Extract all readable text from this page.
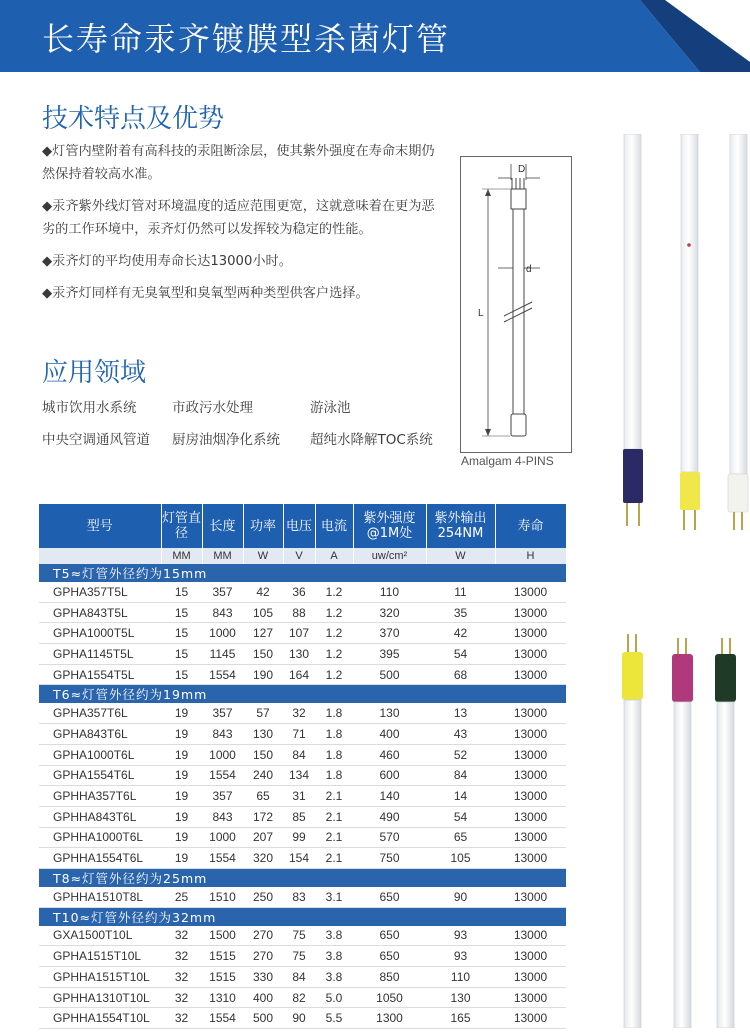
长寿命汞齐镀膜型杀菌灯管
技术特点及优势

◆灯管内壁附着有高科技的汞阻断涂层，使其紫外强度在寿命末期仍然保持着较高水准。

◆汞齐紫外线灯管对环境温度的适应范围更宽，这就意味着在更为恶劣的工作环境中，汞齐灯仍然可以发挥较为稳定的性能。

◆汞齐灯的平均使用寿命长达13000小时。

◆汞齐灯同样有无臭氧型和臭氧型两种类型供客户选择。

应用领域
城市饮用水系统	市政污水处理	游泳池
中央空调通风管道 厨房油烟净化系统 超纯水降解TOC系统
D
d
L
Amalgam 4-PINS
型号	灯管直径	长度	功率	电压	电流	紫外强度@1M处	紫外输出254NM	寿命
	MM	MM	W	V	A	uw/cm²	W	H
T5≈灯管外径约为15mm								
GPHA357T5L	15	357	42	36	1.2	110	11	13000
GPHA843T5L	15	843	105	88	1.2	320	35	13000
GPHA1000T5L	15	1000	127	107	1.2	370	42	13000
GPHA1145T5L	15	1145	150	130	1.2	395	54	13000
GPHA1554T5L	15	1554	190	164	1.2	500	68	13000
T6≈灯管外径约为19mm								
GPHA357T6L	19	357	57	32	1.8	130	13	13000
GPHA843T6L	19	843	130	71	1.8	400	43	13000
GPHA1000T6L	19	1000	150	84	1.8	460	52	13000
GPHA1554T6L	19	1554	240	134	1.8	600	84	13000
GPHHA357T6L	19	357	65	31	2.1	140	14	13000
GPHHA843T6L	19	843	172	85	2.1	490	54	13000
GPHHA1000T6L	19	1000	207	99	2.1	570	65	13000
GPHHA1554T6L	19	1554	320	154	2.1	750	105	13000
T8≈灯管外径约为25mm								
GPHHA1510T8L	25	1510	250	83	3.1	650	90	13000
T10≈灯管外径约为32mm								
GXA1500T10L	32	1500	270	75	3.8	650	93	13000
GPHA1515T10L	32	1515	270	75	3.8	650	93	13000
GPHHA1515T10L	32	1515	330	84	3.8	850	110	13000
GPHHA1310T10L	32	1310	400	82	5.0	1050	130	13000
GPHHA1554T10L	32	1554	500	90	5.5	1300	165	13000
